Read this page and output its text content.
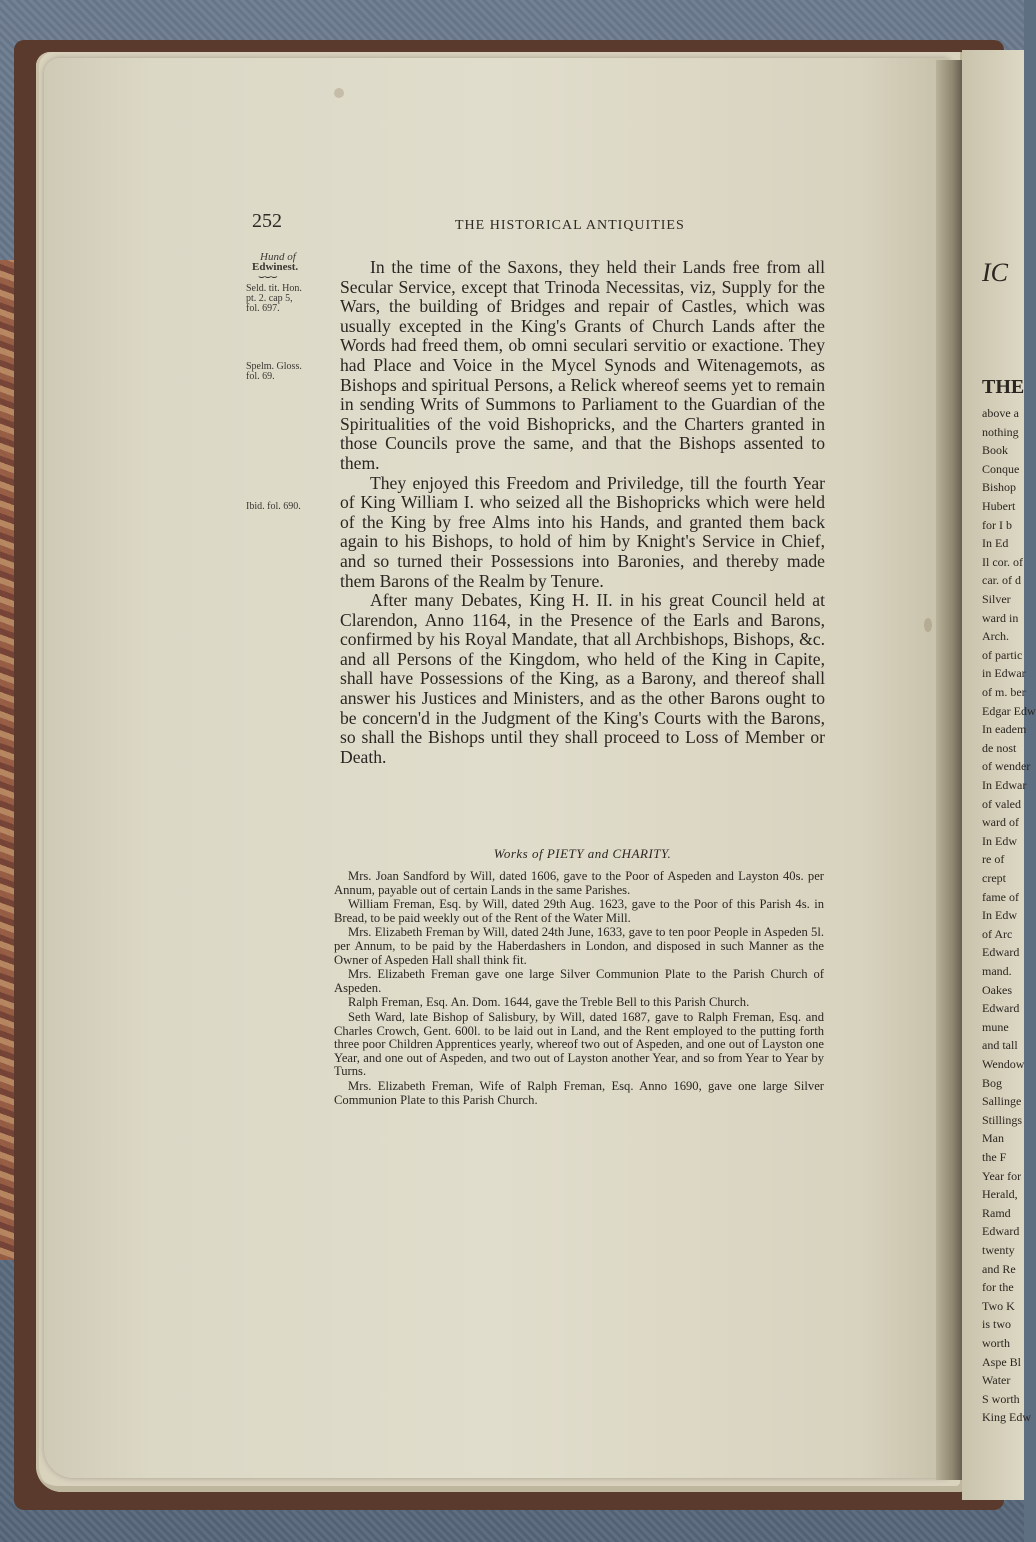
IC
THE
above a
nothing
Book
Conque
Bishop
Hubert
for I b
In Ed
Il cor. of
car. of d
Silver
ward in
Arch.
of partic
in Edwar
of m. ber
Edgar Edw
In eadem
de nost
of wender
In Edwar
of valed
ward of
In Edw
re of
crept
fame of
In Edw
of Arc
Edward
mand.
Oakes
Edward
mune
and tall
Wendow
Bog
Sallinge
Stillings
Man
the F
Year for
Herald,
Ramd
Edward
twenty
and Re
for the
Two K
is two
worth
Aspe Bl
Water
S worth
King Edw
252	THE HISTORICAL ANTIQUITIES
Hund of
Edwinest.
⌣⌣⌣
Seld. tit. Hon.
pt. 2. cap 5,
fol. 697.
Spelm. Gloss.
fol. 69.
Ibid. fol. 690.

In the time of the Saxons, they held their Lands free from all Secular Service, except that Trinoda Necessitas, viz, Supply for the Wars, the building of Bridges and repair of Castles, which was usually excepted in the King's Grants of Church Lands after the Words had freed them, ob omni seculari servitio or exactione. They had Place and Voice in the Mycel Synods and Witenagemots, as Bishops and spiritual Persons, a Relick whereof seems yet to remain in sending Writs of Summons to Parliament to the Guardian of the Spiritualities of the void Bishopricks, and the Charters granted in those Councils prove the same, and that the Bishops assented to them.

They enjoyed this Freedom and Priviledge, till the fourth Year of King William I. who seized all the Bishopricks which were held of the King by free Alms into his Hands, and granted them back again to his Bishops, to hold of him by Knight's Service in Chief, and so turned their Possessions into Baronies, and thereby made them Barons of the Realm by Tenure.

After many Debates, King H. II. in his great Council held at Clarendon, Anno 1164, in the Presence of the Earls and Barons, confirmed by his Royal Mandate, that all Archbishops, Bishops, &c. and all Persons of the Kingdom, who held of the King in Capite, shall have Possessions of the King, as a Barony, and thereof shall answer his Justices and Ministers, and as the other Barons ought to be concern'd in the Judgment of the King's Courts with the Barons, so shall the Bishops until they shall proceed to Loss of Member or Death.

Works of PIETY and CHARITY.

Mrs. Joan Sandford by Will, dated 1606, gave to the Poor of Aspeden and Layston 40s. per Annum, payable out of certain Lands in the same Parishes.

William Freman, Esq. by Will, dated 29th Aug. 1623, gave to the Poor of this Parish 4s. in Bread, to be paid weekly out of the Rent of the Water Mill.

Mrs. Elizabeth Freman by Will, dated 24th June, 1633, gave to ten poor People in Aspeden 5l. per Annum, to be paid by the Haberdashers in London, and disposed in such Manner as the Owner of Aspeden Hall shall think fit.

Mrs. Elizabeth Freman gave one large Silver Communion Plate to the Parish Church of Aspeden.

Ralph Freman, Esq. An. Dom. 1644, gave the Treble Bell to this Parish Church.

Seth Ward, late Bishop of Salisbury, by Will, dated 1687, gave to Ralph Freman, Esq. and Charles Crowch, Gent. 600l. to be laid out in Land, and the Rent employed to the putting forth three poor Children Apprentices yearly, whereof two out of Aspeden, and one out of Layston one Year, and one out of Aspeden, and two out of Layston another Year, and so from Year to Year by Turns.

Mrs. Elizabeth Freman, Wife of Ralph Freman, Esq. Anno 1690, gave one large Silver Communion Plate to this Parish Church.
